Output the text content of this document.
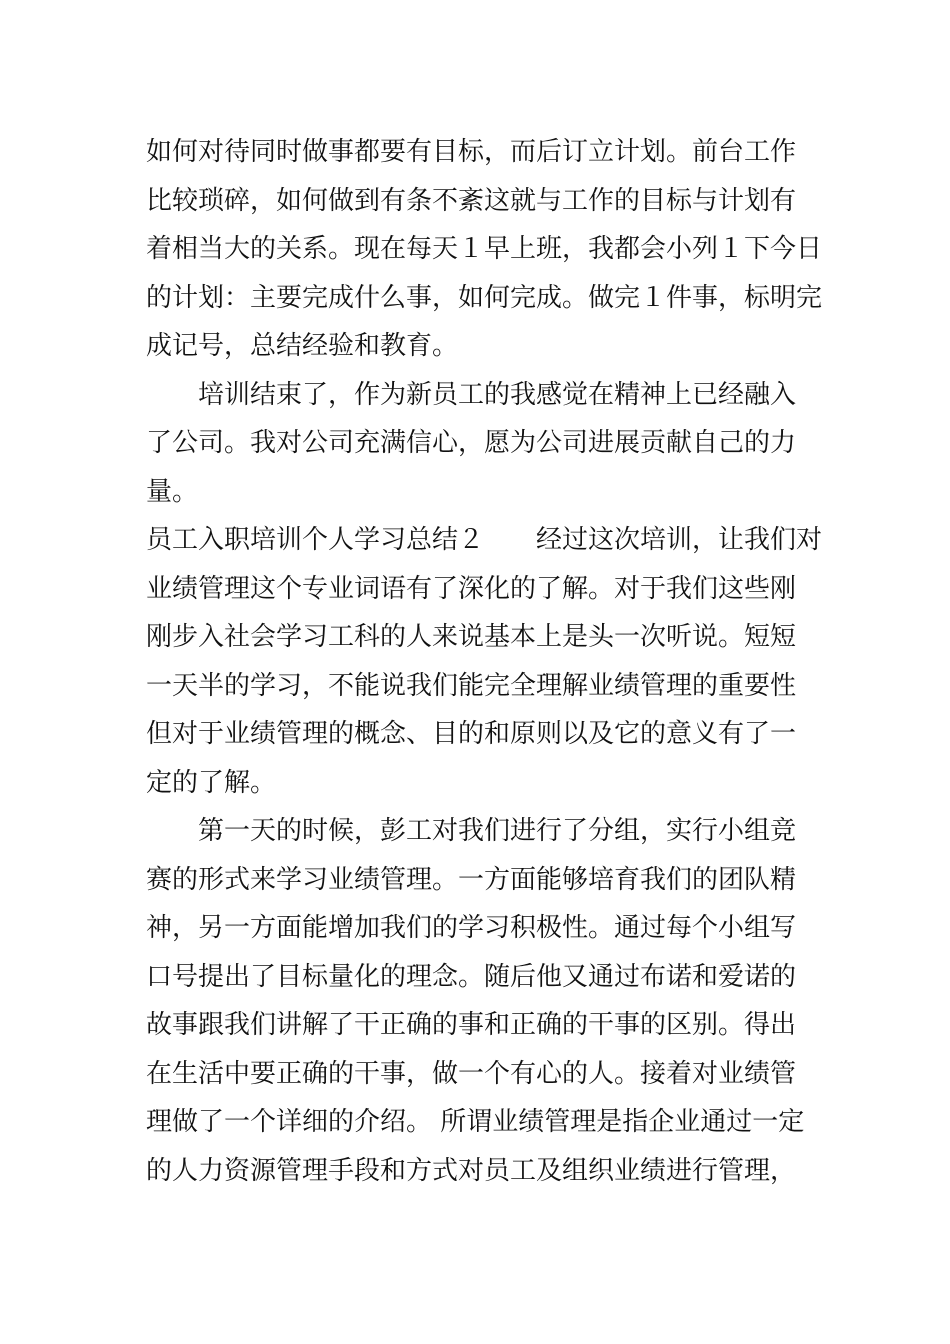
如何对待同时做事都要有目标，而后订立计划。前台工作
比较琐碎，如何做到有条不紊这就与工作的目标与计划有
着相当大的关系。现在每天１早上班，我都会小列１下今日
的计划：主要完成什么事，如何完成。做完１件事，标明完
成记号，总结经验和教育。
培训结束了，作为新员工的我感觉在精神上已经融入
了公司。我对公司充满信心，愿为公司进展贡献自己的力
量。
员工入职培训个人学习总结２ 经过这次培训，让我们对
业绩管理这个专业词语有了深化的了解。对于我们这些刚
刚步入社会学习工科的人来说基本上是头一次听说。短短
一天半的学习，不能说我们能完全理解业绩管理的重要性
但对于业绩管理的概念、目的和原则以及它的意义有了一
定的了解。
第一天的时候，彭工对我们进行了分组，实行小组竞
赛的形式来学习业绩管理。一方面能够培育我们的团队精
神，另一方面能增加我们的学习积极性。通过每个小组写
口号提出了目标量化的理念。随后他又通过布诺和爱诺的
故事跟我们讲解了干正确的事和正确的干事的区别。得出
在生活中要正确的干事，做一个有心的人。接着对业绩管
理做了一个详细的介绍。 所谓业绩管理是指企业通过一定
的人力资源管理手段和方式对员工及组织业绩进行管理，
